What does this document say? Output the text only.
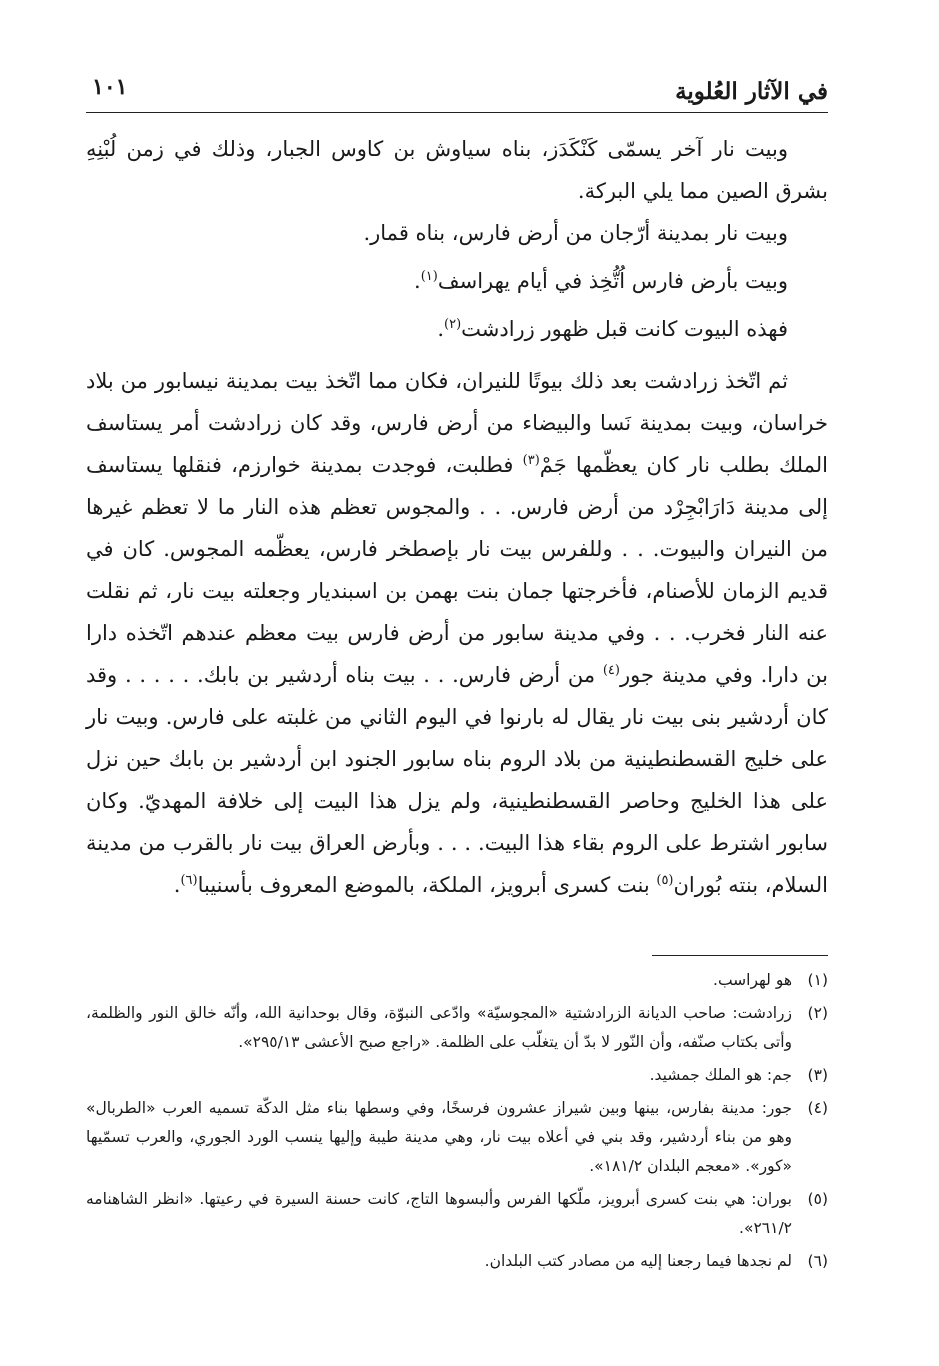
في الآثار العُلوية
١٠١

وبيت نار آخر يسمّى كَنْكَدَز، بناه سياوش بن كاوس الجبار، وذلك في زمن لُبْنِهِ بشرق الصين مما يلي البركة.

وبيت نار بمدينة أرّجان من أرض فارس، بناه قمار.

وبيت بأرض فارس اُتُّخِذ في أيام يهراسف$^{(١)}$.

فهذه البيوت كانت قبل ظهور زرادشت$^{(٢)}$.

ثم اتّخذ زرادشت بعد ذلك بيوتًا للنيران، فكان مما اتّخذ بيت بمدينة نيسابور من بلاد خراسان، وبيت بمدينة نَسا والبيضاء من أرض فارس، وقد كان زرادشت أمر يستاسف الملك بطلب نار كان يعظّمها جَمْ$^{(٣)}$ فطلبت، فوجدت بمدينة خوارزم، فنقلها يستاسف إلى مدينة دَارَابْجِرْد من أرض فارس. . . والمجوس تعظم هذه النار ما لا تعظم غيرها من النيران والبيوت. . . وللفرس بيت نار بإصطخر فارس، يعظّمه المجوس. كان في قديم الزمان للأصنام، فأخرجتها جمان بنت بهمن بن اسبنديار وجعلته بيت نار، ثم نقلت عنه النار فخرب. . . وفي مدينة سابور من أرض فارس بيت معظم عندهم اتّخذه دارا بن دارا. وفي مدينة جور$^{(٤)}$ من أرض فارس. . . بيت بناه أردشير بن بابك. . . . . . وقد كان أردشير بنى بيت نار يقال له بارنوا في اليوم الثاني من غلبته على فارس. وبيت نار على خليج القسطنطينية من بلاد الروم بناه سابور الجنود ابن أردشير بن بابك حين نزل على هذا الخليج وحاصر القسطنطينية، ولم يزل هذا البيت إلى خلافة المهديّ. وكان سابور اشترط على الروم بقاء هذا البيت. . . . وبأرض العراق بيت نار بالقرب من مدينة السلام، بنته بُوران$^{(٥)}$ بنت كسرى أبرويز، الملكة، بالموضع المعروف بأسنيبا$^{(٦)}$.

(١)
هو لهراسب.

(٢)
زرادشت: صاحب الديانة الزرادشتية «المجوسيّة» وادّعى النبوّة، وقال بوحدانية الله، وأنّه خالق النور والظلمة، وأتى بكتاب صنّفه، وأن النّور لا بدّ أن يتغلّب على الظلمة. «راجع صبح الأعشى ٢٩٥/١٣».

(٣)
جم: هو الملك جمشيد.

(٤)
جور: مدينة بفارس، بينها وبين شيراز عشرون فرسخًا، وفي وسطها بناء مثل الدكّة تسميه العرب «الطربال» وهو من بناء أردشير، وقد بني في أعلاه بيت نار، وهي مدينة طيبة وإليها ينسب الورد الجوري، والعرب تسمّيها «كور». «معجم البلدان ١٨١/٢».

(٥)
بوران: هي بنت كسرى أبرويز، ملّكها الفرس وألبسوها التاج، كانت حسنة السيرة في رعيتها. «انظر الشاهنامه ٢٦١/٢».

(٦)
لم نجدها فيما رجعنا إليه من مصادر كتب البلدان.
